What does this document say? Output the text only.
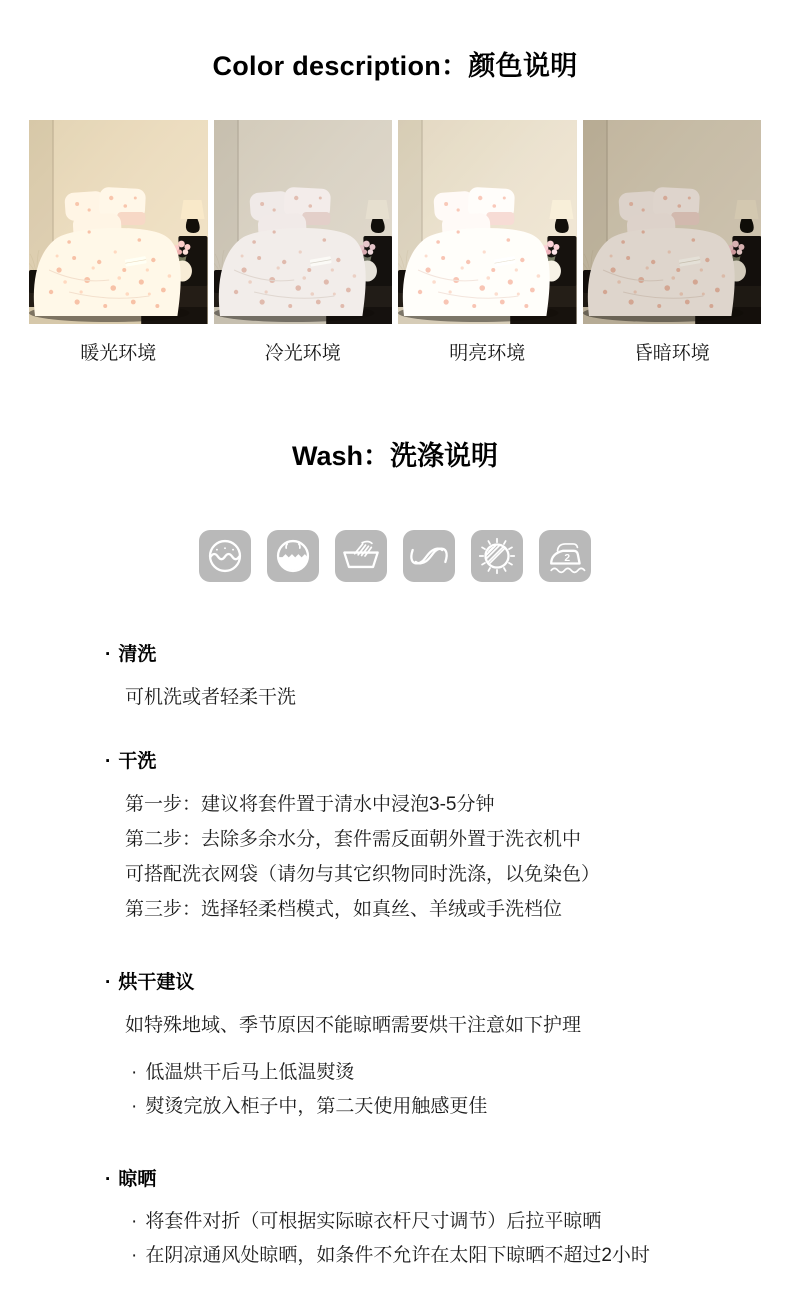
Color description：颜色说明
暖光环境	冷光环境	明亮环境	昏暗环境
Wash：洗涤说明
2
· 清洗
可机洗或者轻柔干洗
· 干洗
第一步：建议将套件置于清水中浸泡3-5分钟
第二步：去除多余水分，套件需反面朝外置于洗衣机中
可搭配洗衣网袋（请勿与其它织物同时洗涤，以免染色）
第三步：选择轻柔档模式，如真丝、羊绒或手洗档位
· 烘干建议
如特殊地域、季节原因不能晾晒需要烘干注意如下护理
· 低温烘干后马上低温熨烫
· 熨烫完放入柜子中，第二天使用触感更佳
· 晾晒
· 将套件对折（可根据实际晾衣杆尺寸调节）后拉平晾晒
· 在阴凉通风处晾晒，如条件不允许在太阳下晾晒不超过2小时
